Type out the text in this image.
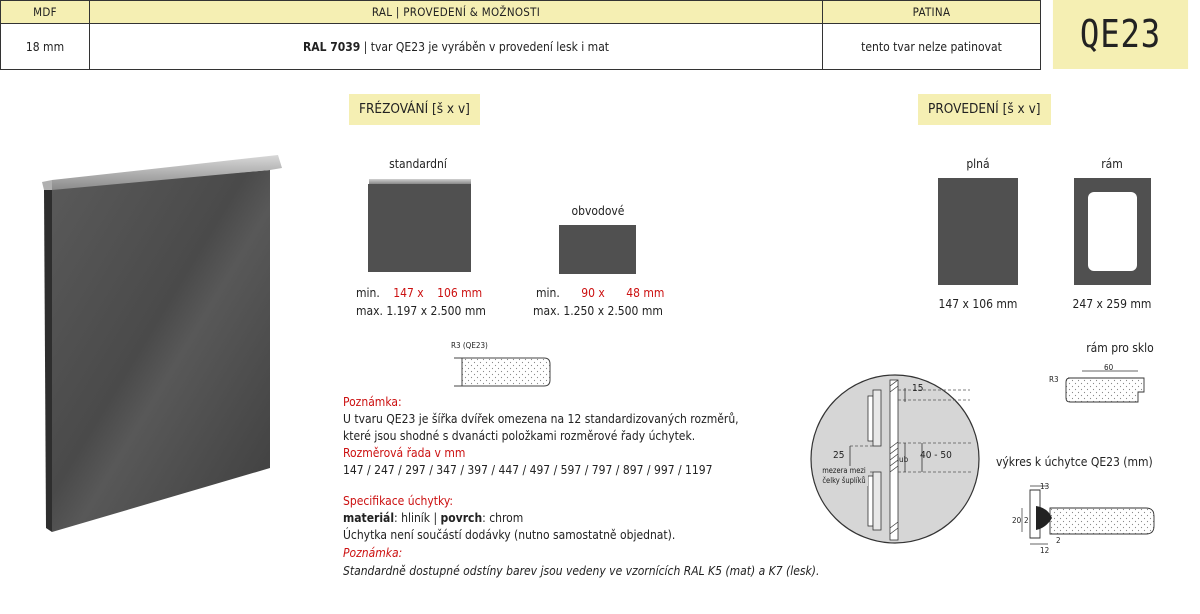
MDF	RAL | PROVEDENÍ & MOŽNOSTI	PATINA
18 mm	RAL 7039 | tvar QE23 je vyráběn v provedení lesk i mat	tento tvar nelze patinovat	QE23
FRÉZOVÁNÍ [š x v]
standardní
obvodové
min. 147 x 106 mm
max. 1.197 x 2.500 mm
min. 90 x 48 mm
max. 1.250 x 2.500 mm
R3 (QE23)
Poznámka:
U tvaru QE23 je šířka dvířek omezena na 12 standardizovaných rozměrů,
které jsou shodné s dvanácti položkami rozměrové řady úchytek.
Rozměrová řada v mm
147 / 247 / 297 / 347 / 397 / 447 / 497 / 597 / 797 / 897 / 997 / 1197
Specifikace úchytky:
materiál: hliník | povrch: chrom
Úchytka není součástí dodávky (nutno samostatně objednat).
Poznámka:
Standardně dostupné odstíny barev jsou vedeny ve vzornících RAL K5 (mat) a K7 (lesk).
15
25	lub 40 - 50
mezera mezi
čelky šuplíků
PROVEDENÍ [š x v]
plná
147 x 106 mm
rám
247 x 259 mm
rám pro sklo
R3
60
výkres k úchytce QE23 (mm)
13
20 2
2
12
